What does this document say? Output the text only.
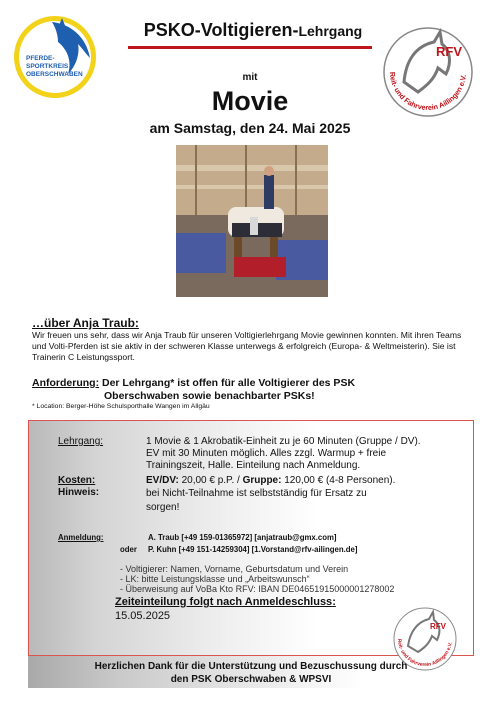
PFERDE-
SPORTKREIS
OBERSCHWABEN
RFV
Reit- und Fahrverein Aillingen e.V.
PSKO-Voltigieren-Lehrgang
mit
Movie
am Samstag, den 24. Mai 2025
…über Anja Traub:
Wir freuen uns sehr, dass wir Anja Traub für unseren Voltigierlehrgang Movie gewinnen konnten. Mit ihren Teams und Volti-Pferden ist sie aktiv in der schweren Klasse unterwegs & erfolgreich (Europa- & Weltmeisterin). Sie ist Trainerin C Leistungssport.
Anforderung: Der Lehrgang* ist offen für alle Voltigierer des PSK
Oberschwaben sowie benachbarter PSKs!
* Location: Berger-Höhe Schulsporthalle Wangen im Allgäu
Lehrgang:	1 Movie & 1 Akrobatik-Einheit zu je 60 Minuten (Gruppe / DV).
EV mit 30 Minuten möglich. Alles zzgl. Warmup + freie
Trainingszeit, Halle. Einteilung nach Anmeldung.
Kosten:	EV/DV: 20,00 € p.P. / Gruppe: 120,00 € (4-8 Personen).
Hinweis:	bei Nicht-Teilnahme ist selbstständig für Ersatz zu
sorgen!
Anmeldung:	A. Traub [+49 159-01365972] [anjatraub@gmx.com]
oder P. Kuhn [+49 151-14259304] [1.Vorstand@rfv-ailingen.de]
- Voltigierer: Namen, Vorname, Geburtsdatum und Verein
- LK: bitte Leistungsklasse und „Arbeitswunsch“
- Überweisung auf VoBa Kto RFV: IBAN DE04651915000001278002
Zeiteinteilung folgt nach Anmeldeschluss:
15.05.2025
RFV
Reit- und Fahrverein Aillingen e.V.
Herzlichen Dank für die Unterstützung und Bezuschussung durch
den PSK Oberschwaben & WPSVI
